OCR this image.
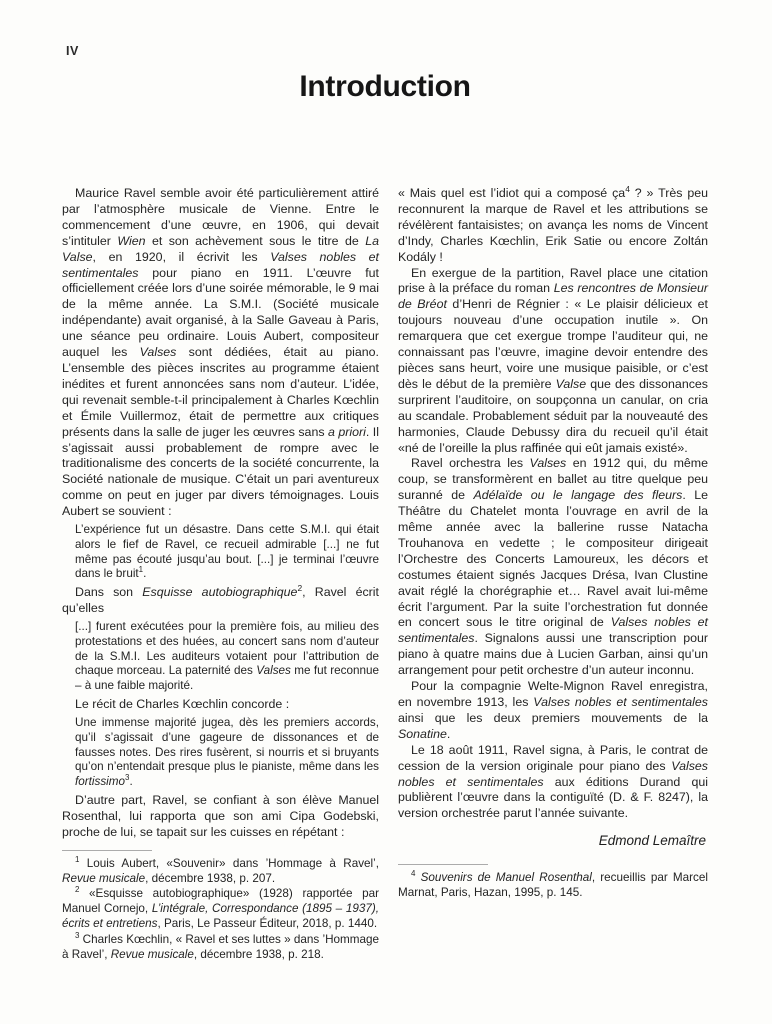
IV
Introduction

Maurice Ravel semble avoir été particulièrement attiré par l’atmosphère musicale de Vienne. Entre le commencement d’une œuvre, en 1906, qui devait s’intituler Wien et son achèvement sous le titre de La Valse, en 1920, il écrivit les Valses nobles et sentimentales pour piano en 1911. L’œuvre fut officiellement créée lors d’une soirée mémorable, le 9 mai de la même année. La S.M.I. (Société musicale indépendante) avait organisé, à la Salle Gaveau à Paris, une séance peu ordinaire. Louis Aubert, compositeur auquel les Valses sont dédiées, était au piano. L’ensemble des pièces inscrites au programme étaient inédites et furent annoncées sans nom d’auteur. L’idée, qui revenait semble-t-il principalement à Charles Kœchlin et Émile Vuillermoz, était de permettre aux critiques présents dans la salle de juger les œuvres sans a priori. Il s’agissait aussi probablement de rompre avec le traditionalisme des concerts de la société concurrente, la Société nationale de musique. C’était un pari aventureux comme on peut en juger par divers témoignages. Louis Aubert se souvient :

L’expérience fut un désastre. Dans cette S.M.I. qui était alors le fief de Ravel, ce recueil admirable [...] ne fut même pas écouté jusqu’au bout. [...] je terminai l’œuvre dans le bruit$^1$.

Dans son Esquisse autobiographique$^2$, Ravel écrit qu’elles

[...] furent exécutées pour la première fois, au milieu des protestations et des huées, au concert sans nom d’auteur de la S.M.I. Les auditeurs votaient pour l’attribution de chaque morceau. La paternité des Valses me fut reconnue – à une faible majorité.

Le récit de Charles Kœchlin concorde :

Une immense majorité jugea, dès les premiers accords, qu’il s’agissait d’une gageure de dissonances et de fausses notes. Des rires fusèrent, si nourris et si bruyants qu’on n’entendait presque plus le pianiste, même dans les fortissimo$^3$.

D’autre part, Ravel, se confiant à son élève Manuel Rosenthal, lui rapporta que son ami Cipa Godebski, proche de lui, se tapait sur les cuisses en répétant :

$^1$ Louis Aubert, «Souvenir» dans ’Hommage à Ravel’, Revue musicale, décembre 1938, p. 207.

$^2$ «Esquisse autobiographique» (1928) rapportée par Manuel Cornejo, L’intégrale, Correspondance (1895 – 1937), écrits et entretiens, Paris, Le Passeur Éditeur, 2018, p. 1440.

$^3$ Charles Kœchlin, « Ravel et ses luttes » dans ’Hommage à Ravel’, Revue musicale, décembre 1938, p. 218.

« Mais quel est l’idiot qui a composé $ça^4$ ? » Très peu reconnurent la marque de Ravel et les attributions se révélèrent fantaisistes; on avança les noms de Vincent d’Indy, Charles Kœchlin, Erik Satie ou encore Zoltán Kodály !

En exergue de la partition, Ravel place une citation prise à la préface du roman Les rencontres de Monsieur de Bréot d’Henri de Régnier : « Le plaisir délicieux et toujours nouveau d’une occupation inutile ». On remarquera que cet exergue trompe l’auditeur qui, ne connaissant pas l’œuvre, imagine devoir entendre des pièces sans heurt, voire une musique paisible, or c’est dès le début de la première Valse que des dissonances surprirent l’auditoire, on soupçonna un canular, on cria au scandale. Probablement séduit par la nouveauté des harmonies, Claude Debussy dira du recueil qu’il était «né de l’oreille la plus raffinée qui eût jamais existé».

Ravel orchestra les Valses en 1912 qui, du même coup, se transformèrent en ballet au titre quelque peu suranné de Adélaïde ou le langage des fleurs. Le Théâtre du Chatelet monta l’ouvrage en avril de la même année avec la ballerine russe Natacha Trouhanova en vedette ; le compositeur dirigeait l’Orchestre des Concerts Lamoureux, les décors et costumes étaient signés Jacques Drésa, Ivan Clustine avait réglé la chorégraphie et… Ravel avait lui-même écrit l’argument. Par la suite l’orchestration fut donnée en concert sous le titre original de Valses nobles et sentimentales. Signalons aussi une transcription pour piano à quatre mains due à Lucien Garban, ainsi qu’un arrangement pour petit orchestre d’un auteur inconnu.

Pour la compagnie Welte-Mignon Ravel enregistra, en novembre 1913, les Valses nobles et sentimentales ainsi que les deux premiers mouvements de la Sonatine.

Le 18 août 1911, Ravel signa, à Paris, le contrat de cession de la version originale pour piano des Valses nobles et sentimentales aux éditions Durand qui publièrent l’œuvre dans la contiguïté (D. & F. 8247), la version orchestrée parut l’année suivante.

Edmond Lemaître

$^4$ Souvenirs de Manuel Rosenthal, recueillis par Marcel Marnat, Paris, Hazan, 1995, p. 145.
